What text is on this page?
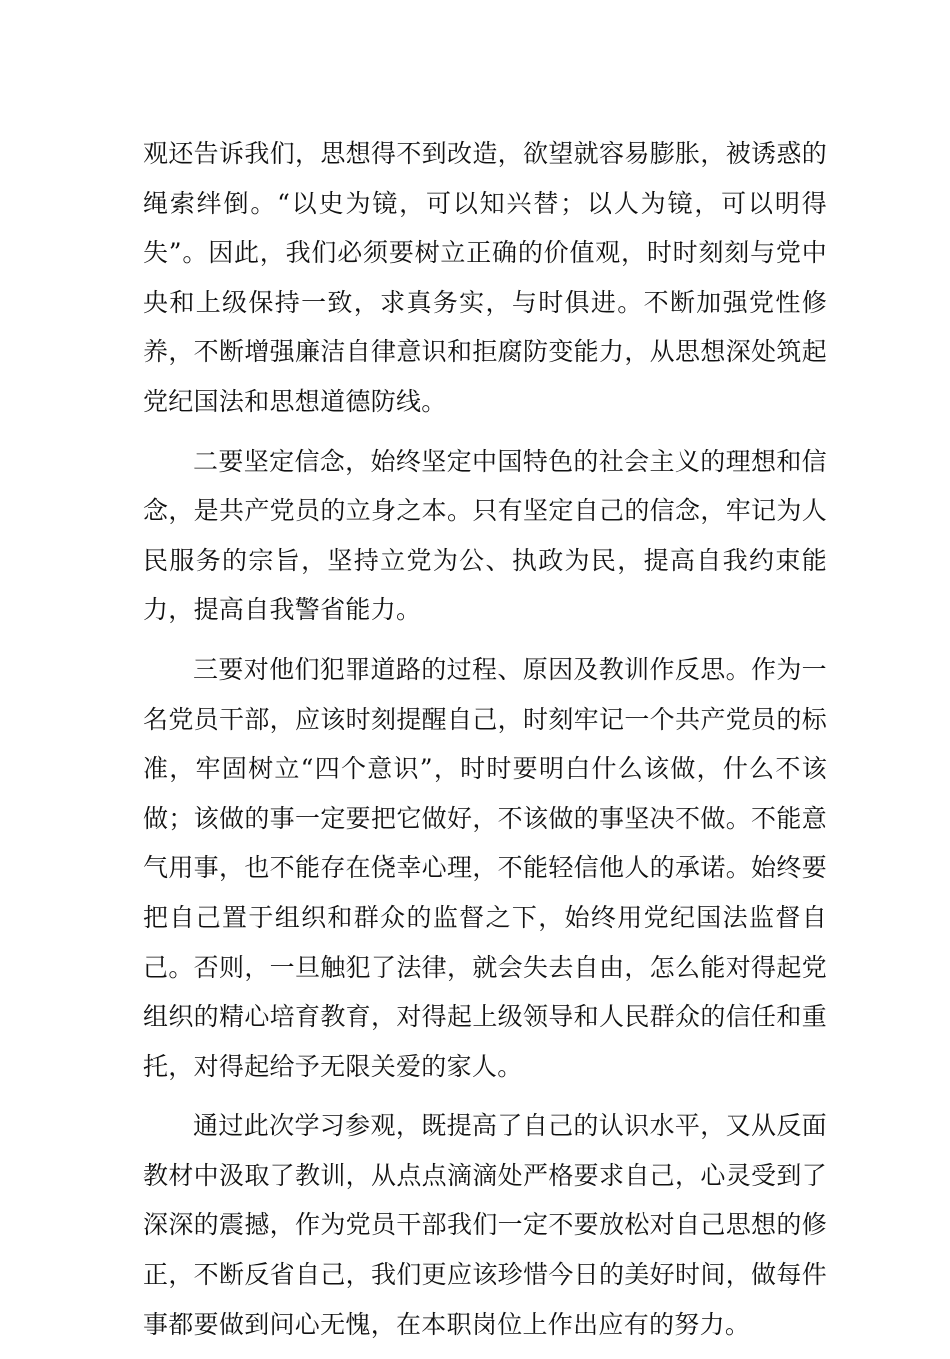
观还告诉我们，思想得不到改造，欲望就容易膨胀，被诱惑的绳索绊倒。“以史为镜，可以知兴替；以人为镜，可以明得失”。因此，我们必须要树立正确的价值观，时时刻刻与党中央和上级保持一致，求真务实，与时俱进。不断加强党性修养，不断增强廉洁自律意识和拒腐防变能力，从思想深处筑起党纪国法和思想道德防线。

二要坚定信念，始终坚定中国特色的社会主义的理想和信念，是共产党员的立身之本。只有坚定自己的信念，牢记为人民服务的宗旨，坚持立党为公、执政为民，提高自我约束能力，提高自我警省能力。

三要对他们犯罪道路的过程、原因及教训作反思。作为一名党员干部，应该时刻提醒自己，时刻牢记一个共产党员的标准，牢固树立“四个意识”，时时要明白什么该做，什么不该做；该做的事一定要把它做好，不该做的事坚决不做。不能意气用事，也不能存在侥幸心理，不能轻信他人的承诺。始终要把自己置于组织和群众的监督之下，始终用党纪国法监督自己。否则，一旦触犯了法律，就会失去自由，怎么能对得起党组织的精心培育教育，对得起上级领导和人民群众的信任和重托，对得起给予无限关爱的家人。

通过此次学习参观，既提高了自己的认识水平，又从反面教材中汲取了教训，从点点滴滴处严格要求自己，心灵受到了深深的震撼，作为党员干部我们一定不要放松对自己思想的修正，不断反省自己，我们更应该珍惜今日的美好时间，做每件事都要做到问心无愧，在本职岗位上作出应有的努力。
